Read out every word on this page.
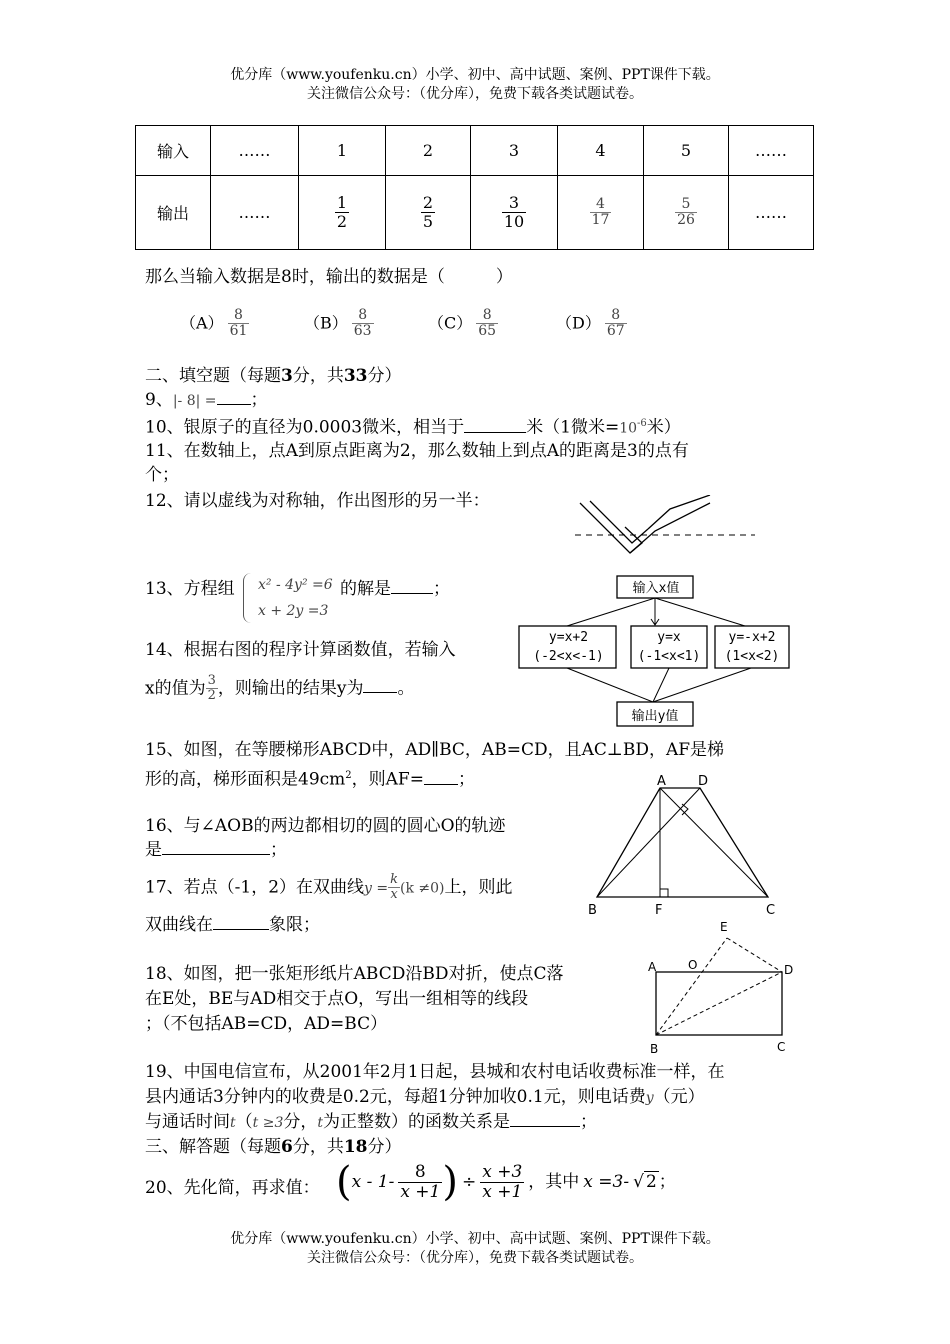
优分库（www.youfenku.cn）小学、初中、高中试题、案例、PPT课件下载。
关注微信公众号：（优分库），免费下载各类试题试卷。
输入	……	1	2	3	4	5	……
输出	……	$\frac{1}{2}$	$\frac{2}{5}$	$\frac{3}{10}$	$\frac{4}{17}$	$\frac{5}{26}$	……
那么当输入数据是8时，输出的数据是（　　　）
$(A) \frac{8}{61}$	$(B) \frac{8}{63}$	$(C) \frac{8}{65}$	$(D) \frac{8}{67}$
二、填空题（每题3分，共33分）
9、|- 8| = ；
10、银原子的直径为0.0003微米，相当于	米（1微米$=10^{-6}$米）
11、在数轴上，点A到原点距离为2，那么数轴上到点A的距离是3的点有
个；
12、请以虚线为对称轴，作出图形的另一半：
13、方程组 x² - 4y² =6
x + 2y =3
的解是 ；
14、根据右图的程序计算函数值，若输入
x的值为 $\frac{3}{2}$ ，则输出的结果y为 。
输入x值
y=x+2
(-2<x<-1)
y=x
(-1<x<1)
y=-x+2
(1<x<2)
输出y值
15、如图，在等腰梯形ABCD中，AD∥BC，AB=CD，且AC⊥BD，AF是梯
形的高，梯形面积是$49cm^2$，则AF= ；	A D
B	F	C
16、与∠AOB的两边都相切的圆的圆心O的轨迹
是	；
17、若点（-1，2）在双曲线$y = \frac{k}{x} (k \ne 0)$上，则此
双曲线在	象限；
A	O
E
D
B	C
18、如图，把一张矩形纸片ABCD沿BD对折，使点C落
在E处，BE与AD相交于点O，写出一组相等的线段
；（不包括AB=CD，AD=BC）
19、中国电信宣布，从2001年2月1日起，县城和农村电话收费标准一样，在
县内通话3分钟内的收费是0.2元，每超1分钟加收0.1元，则电话费y（元）
与通话时间t（t ≥3分，t为正整数）的函数关系是	；
三、解答题（每题6分，共18分）
20、先化简，再求值： ( x - $1- \frac{8}{x +1}$ ) ÷ $\frac{x +3}{x +1}$ ，其中 x =3- √ 2 ；
优分库（www.youfenku.cn）小学、初中、高中试题、案例、PPT课件下载。
关注微信公众号：（优分库），免费下载各类试题试卷。
